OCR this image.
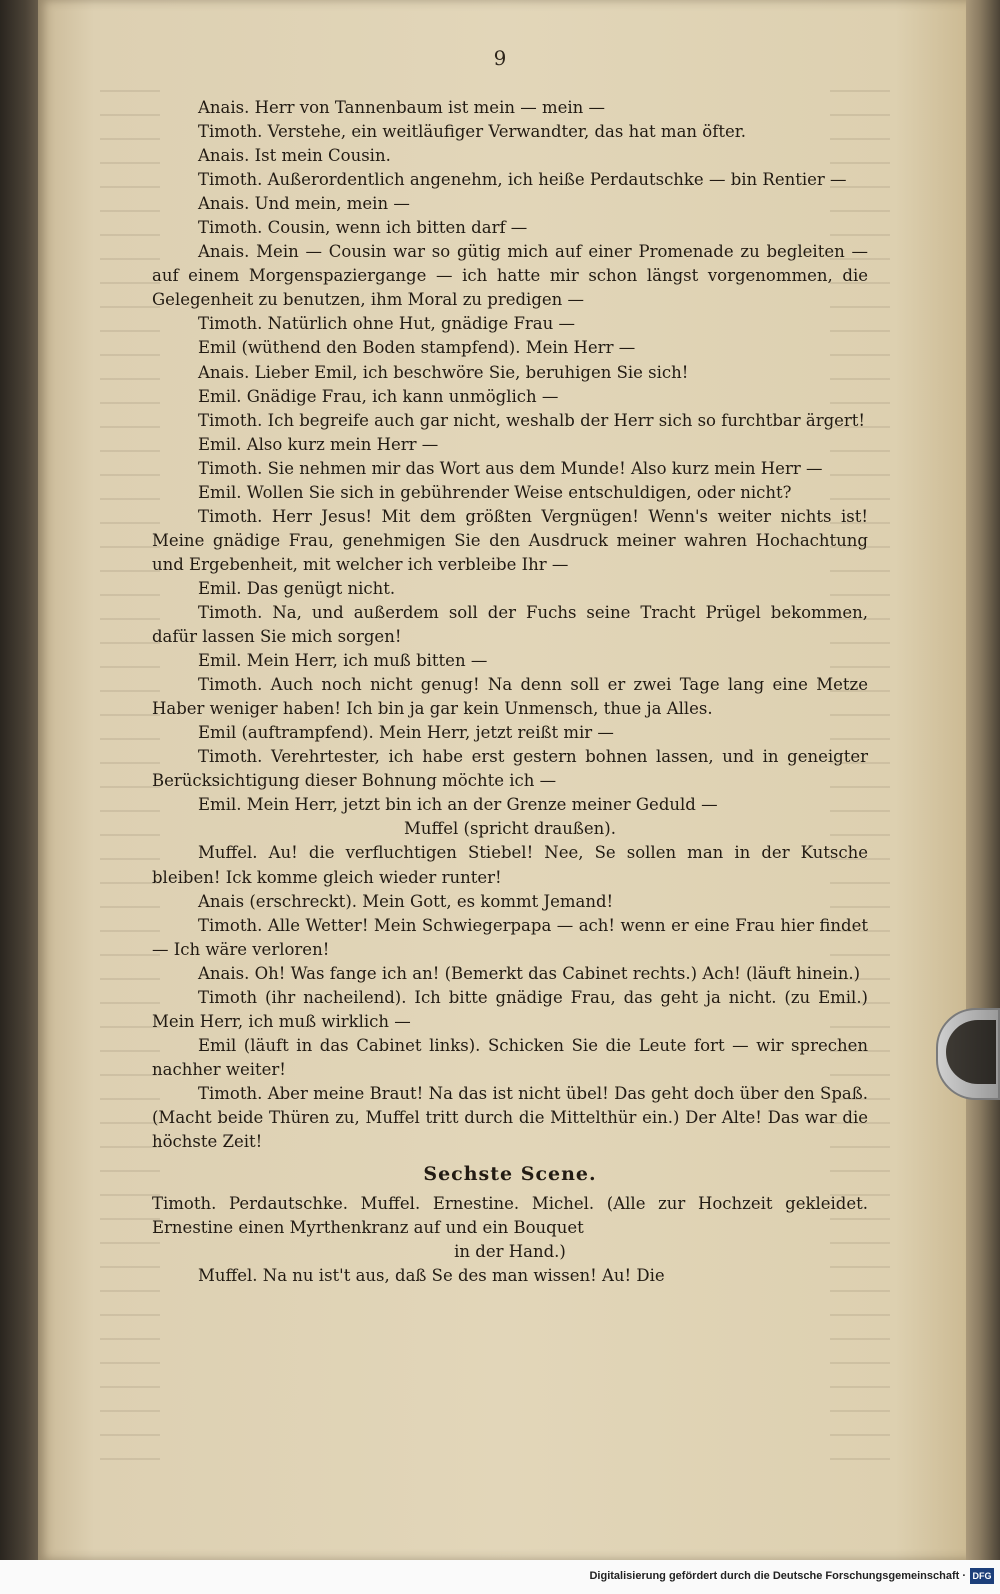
9

Anais. Herr von Tannenbaum ist mein — mein —

Timoth. Verstehe, ein weitläufiger Verwandter, das hat man öfter.

Anais. Ist mein Cousin.

Timoth. Außerordentlich angenehm, ich heiße Perdautschke — bin Rentier —

Anais. Und mein, mein —

Timoth. Cousin, wenn ich bitten darf —

Anais. Mein — Cousin war so gütig mich auf einer Promenade zu begleiten — auf einem Morgenspaziergange — ich hatte mir schon längst vorgenommen, die Gelegenheit zu benutzen, ihm Moral zu predigen —

Timoth. Natürlich ohne Hut, gnädige Frau —

Emil (wüthend den Boden stampfend). Mein Herr —

Anais. Lieber Emil, ich beschwöre Sie, beruhigen Sie sich!

Emil. Gnädige Frau, ich kann unmöglich —

Timoth. Ich begreife auch gar nicht, weshalb der Herr sich so furchtbar ärgert!

Emil. Also kurz mein Herr —

Timoth. Sie nehmen mir das Wort aus dem Munde! Also kurz mein Herr —

Emil. Wollen Sie sich in gebührender Weise entschuldigen, oder nicht?

Timoth. Herr Jesus! Mit dem größten Vergnügen! Wenn's weiter nichts ist! Meine gnädige Frau, genehmigen Sie den Ausdruck meiner wahren Hochachtung und Ergebenheit, mit welcher ich verbleibe Ihr —

Emil. Das genügt nicht.

Timoth. Na, und außerdem soll der Fuchs seine Tracht Prügel bekommen, dafür lassen Sie mich sorgen!

Emil. Mein Herr, ich muß bitten —

Timoth. Auch noch nicht genug! Na denn soll er zwei Tage lang eine Metze Haber weniger haben! Ich bin ja gar kein Unmensch, thue ja Alles.

Emil (auftrampfend). Mein Herr, jetzt reißt mir —

Timoth. Verehrtester, ich habe erst gestern bohnen lassen, und in geneigter Berücksichtigung dieser Bohnung möchte ich —

Emil. Mein Herr, jetzt bin ich an der Grenze meiner Geduld —

Muffel (spricht draußen).

Muffel. Au! die verfluchtigen Stiebel! Nee, Se sollen man in der Kutsche bleiben! Ick komme gleich wieder runter!

Anais (erschreckt). Mein Gott, es kommt Jemand!

Timoth. Alle Wetter! Mein Schwiegerpapa — ach! wenn er eine Frau hier findet — Ich wäre verloren!

Anais. Oh! Was fange ich an! (Bemerkt das Cabinet rechts.) Ach! (läuft hinein.)

Timoth (ihr nacheilend). Ich bitte gnädige Frau, das geht ja nicht. (zu Emil.) Mein Herr, ich muß wirklich —

Emil (läuft in das Cabinet links). Schicken Sie die Leute fort — wir sprechen nachher weiter!

Timoth. Aber meine Braut! Na das ist nicht übel! Das geht doch über den Spaß. (Macht beide Thüren zu, Muffel tritt durch die Mittelthür ein.) Der Alte! Das war die höchste Zeit!

Sechste Scene.

Timoth. Perdautschke. Muffel. Ernestine. Michel. (Alle zur Hochzeit gekleidet. Ernestine einen Myrthenkranz auf und ein Bouquet

in der Hand.)

Muffel. Na nu ist't aus, daß Se des man wissen! Au! Die

Digitalisierung gefördert durch die Deutsche Forschungsgemeinschaft · DFG
